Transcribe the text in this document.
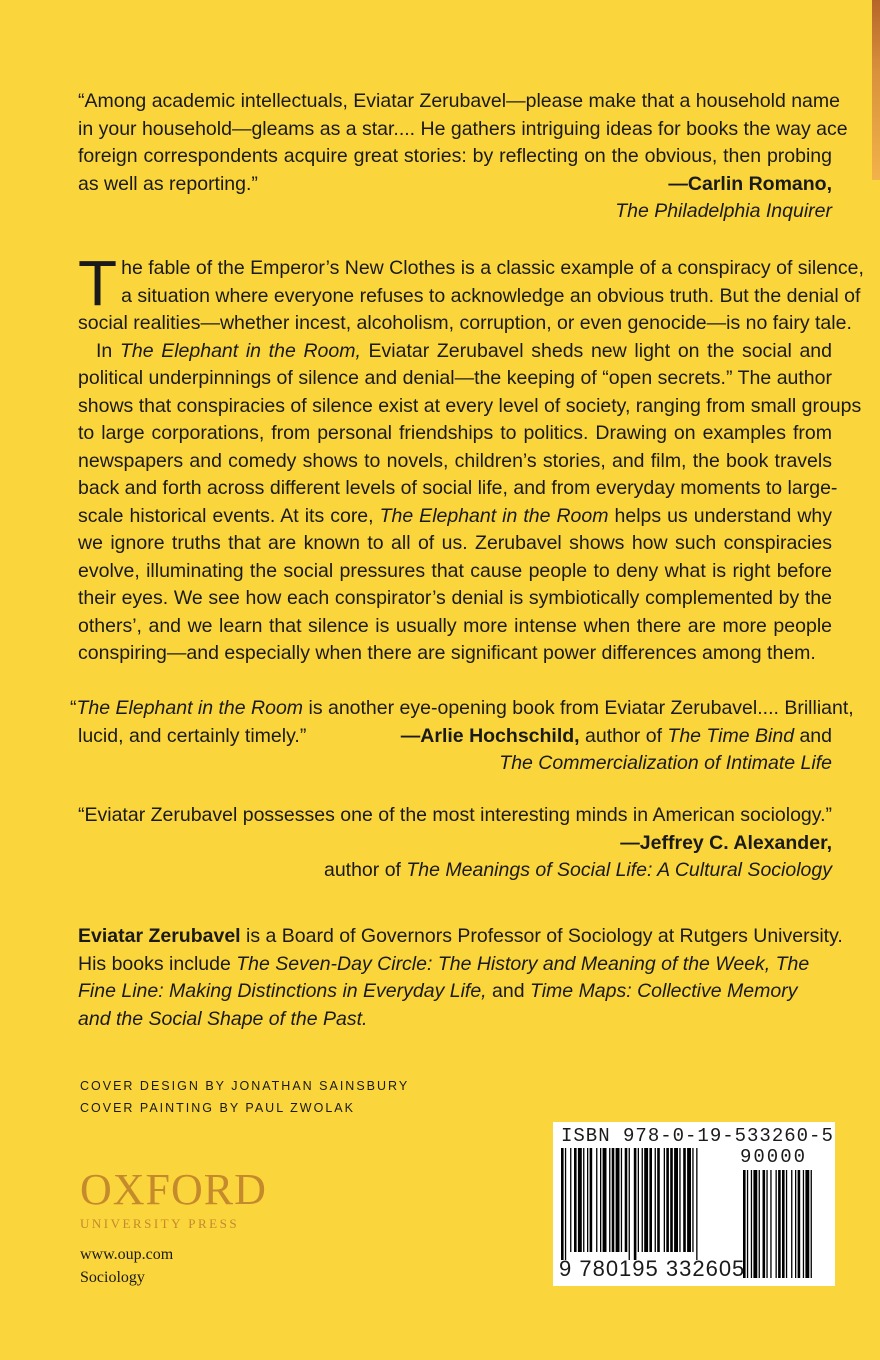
“Among academic intellectuals, Eviatar Zerubavel—please make that a household name
in your household—gleams as a star.... He gathers intriguing ideas for books the way ace
foreign correspondents acquire great stories: by reflecting on the obvious, then probing
as well as reporting.”	—Carlin Romano,
The Philadelphia Inquirer
T he fable of the Emperor’s New Clothes is a classic example of a conspiracy of silence,
a situation where everyone refuses to acknowledge an obvious truth. But the denial of
social realities—whether incest, alcoholism, corruption, or even genocide—is no fairy tale.
In The Elephant in the Room, Eviatar Zerubavel sheds new light on the social and
political underpinnings of silence and denial—the keeping of “open secrets.” The author
shows that conspiracies of silence exist at every level of society, ranging from small groups
to large corporations, from personal friendships to politics. Drawing on examples from
newspapers and comedy shows to novels, children’s stories, and film, the book travels
back and forth across different levels of social life, and from everyday moments to large-
scale historical events. At its core, The Elephant in the Room helps us understand why
we ignore truths that are known to all of us. Zerubavel shows how such conspiracies
evolve, illuminating the social pressures that cause people to deny what is right before
their eyes. We see how each conspirator’s denial is symbiotically complemented by the
others’, and we learn that silence is usually more intense when there are more people
conspiring—and especially when there are significant power differences among them.
“The Elephant in the Room is another eye-opening book from Eviatar Zerubavel.... Brilliant,
lucid, and certainly timely.”	—Arlie Hochschild, author of The Time Bind and
The Commercialization of Intimate Life
“Eviatar Zerubavel possesses one of the most interesting minds in American sociology.”
—Jeffrey C. Alexander,
author of The Meanings of Social Life: A Cultural Sociology
Eviatar Zerubavel is a Board of Governors Professor of Sociology at Rutgers University.
His books include The Seven-Day Circle: The History and Meaning of the Week, The
Fine Line: Making Distinctions in Everyday Life, and Time Maps: Collective Memory
and the Social Shape of the Past.
COVER DESIGN BY JONATHAN SAINSBURY
COVER PAINTING BY PAUL ZWOLAK
OXFORD
UNIVERSITY PRESS
www.oup.com
Sociology
ISBN 978-0-19-533260-5
90000
9 780195 332605
